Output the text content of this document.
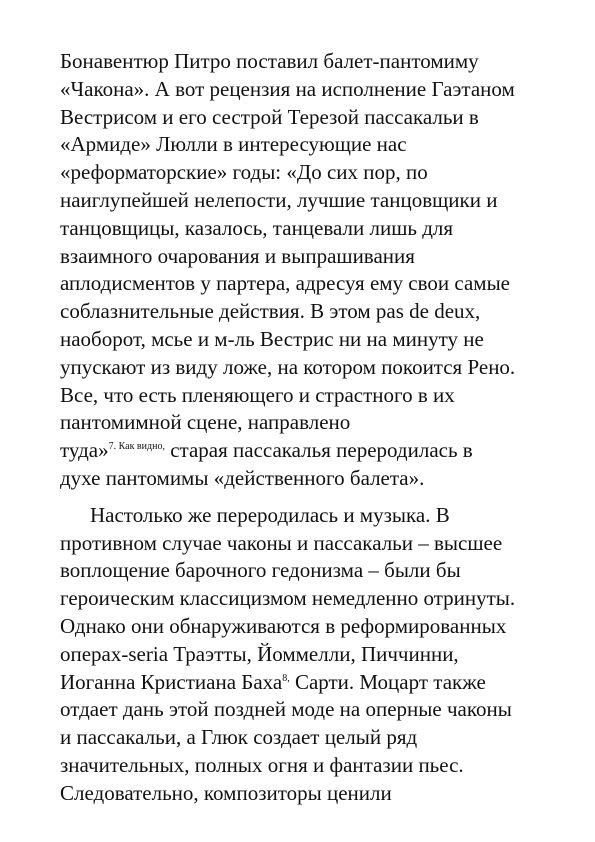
Бонавентюр Питро поставил балет-пантомиму
«Чакона». А вот рецензия на исполнение Гаэтаном
Вестрисом и его сестрой Терезой пассакальи в
«Армиде» Люлли в интересующие нас
«реформаторские» годы: «До сих пор, по
наиглупейшей нелепости, лучшие танцовщики и
танцовщицы, казалось, танцевали лишь для
взаимного очарования и выпрашивания
аплодисментов у партера, адресуя ему свои самые
соблазнительные действия. В этом pas de deux,
наоборот, мсье и м-ль Вестрис ни на минуту не
упускают из виду ложе, на котором покоится Рено.
Все, что есть пленяющего и страстного в их
пантомимной сцене, направлено
туда»$^{7. Как видно,}$ старая пассакалья переродилась в
духе пантомимы «действенного балета».
Настолько же переродилась и музыка. В
противном случае чаконы и пассакальи – высшее
воплощение барочного гедонизма – были бы
героическим классицизмом немедленно отринуты.
Однако они обнаруживаются в реформированных
операх-seria Траэтты, Йоммелли, Пиччинни,
Иоганна Кристиана Баха$^{8,}$ Сарти. Моцарт также
отдает дань этой поздней моде на оперные чаконы
и пассакальи, а Глюк создает целый ряд
значительных, полных огня и фантазии пьес.
Следовательно, композиторы ценили
